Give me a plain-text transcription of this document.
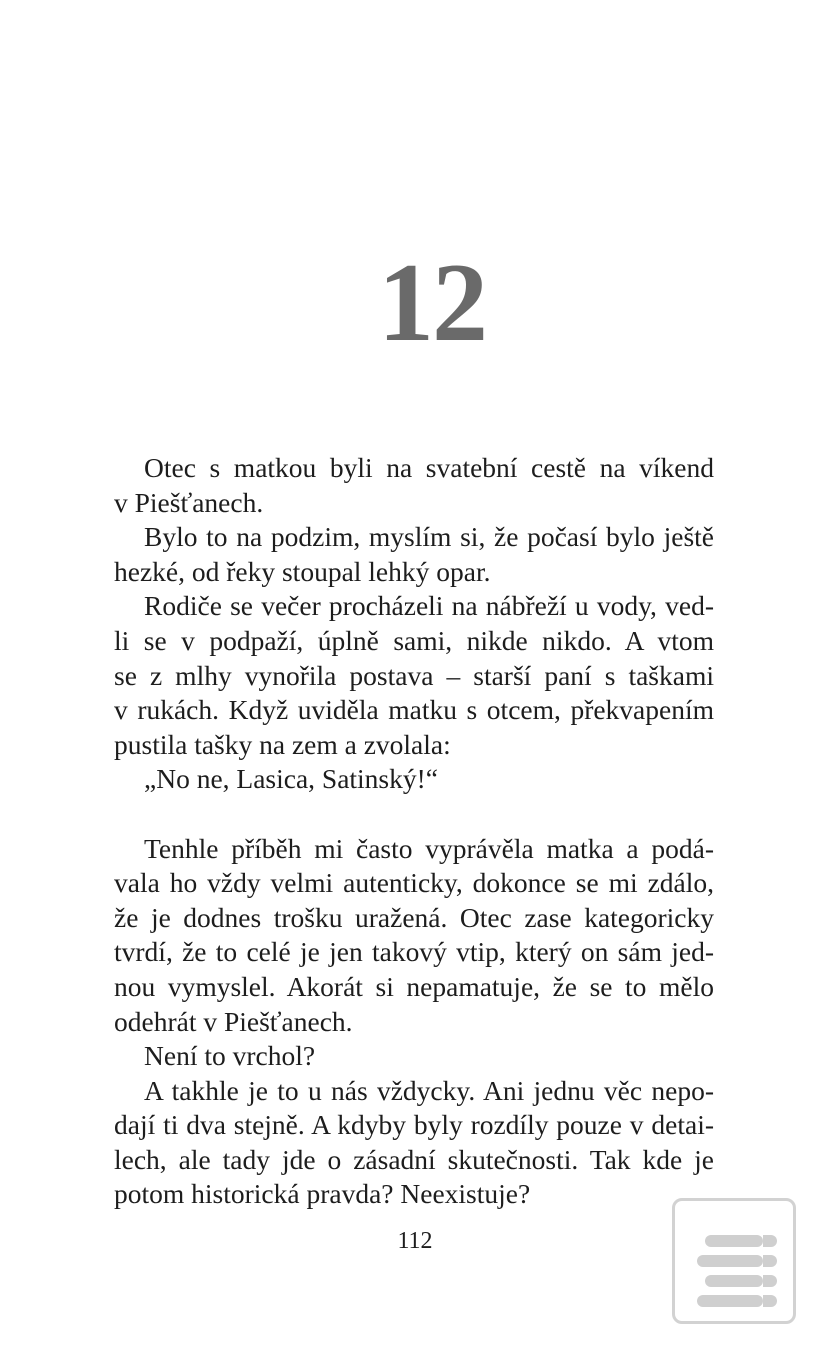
12

Otec s matkou byli na svatební cestě na víkend
v Piešťanech.

Bylo to na podzim, myslím si, že počasí bylo ještě
hezké, od řeky stoupal lehký opar.

Rodiče se večer procházeli na nábřeží u vody, ved-
li se v podpaží, úplně sami, nikde nikdo. A vtom
se z mlhy vynořila postava – starší paní s taškami
v rukách. Když uviděla matku s otcem, překvapením
pustila tašky na zem a zvolala:

„No ne, Lasica, Satinský!“

Tenhle příběh mi často vyprávěla matka a podá-
vala ho vždy velmi autenticky, dokonce se mi zdálo,
že je dodnes trošku uražená. Otec zase kategoricky
tvrdí, že to celé je jen takový vtip, který on sám jed-
nou vymyslel. Akorát si nepamatuje, že se to mělo
odehrát v Piešťanech.

Není to vrchol?

A takhle je to u nás vždycky. Ani jednu věc nepo-
dají ti dva stejně. A kdyby byly rozdíly pouze v detai-
lech, ale tady jde o zásadní skutečnosti. Tak kde je
potom historická pravda? Neexistuje?

112
